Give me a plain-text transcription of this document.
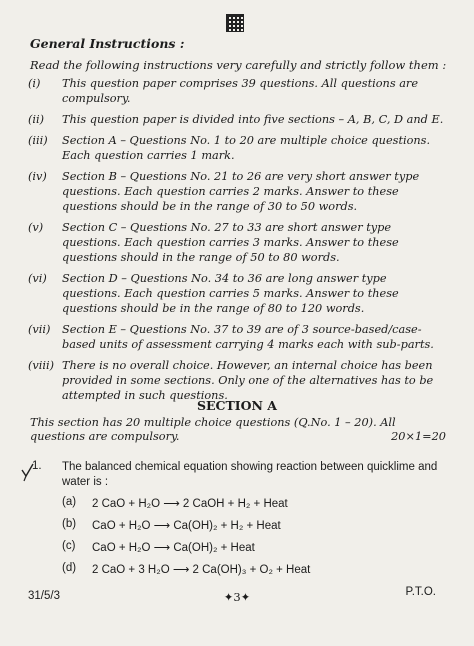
General Instructions :
Read the following instructions very carefully and strictly follow them :
(i)	This question paper comprises 39 questions. All questions are compulsory.
(ii)	This question paper is divided into five sections – A, B, C, D and E.
(iii)	Section A – Questions No. 1 to 20 are multiple choice questions. Each question carries 1 mark.
(iv)	Section B – Questions No. 21 to 26 are very short answer type questions. Each question carries 2 marks. Answer to these questions should be in the range of 30 to 50 words.
(v)	Section C – Questions No. 27 to 33 are short answer type questions. Each question carries 3 marks. Answer to these questions should in the range of 50 to 80 words.
(vi)	Section D – Questions No. 34 to 36 are long answer type questions. Each question carries 5 marks. Answer to these questions should be in the range of 80 to 120 words.
(vii)	Section E – Questions No. 37 to 39 are of 3 source-based/case-based units of assessment carrying 4 marks each with sub-parts.
(viii) There is no overall choice. However, an internal choice has been provided in some sections. Only one of the alternatives has to be attempted in such questions.
SECTION A
This section has 20 multiple choice questions (Q.No. 1 – 20). All questions are compulsory.	20×1=20
1. The balanced chemical equation showing reaction between quicklime and water is :
(a)	2 CaO + H₂O ⟶ 2 CaOH + H₂ + Heat
(b)	CaO + H₂O ⟶ Ca(OH)₂ + H₂ + Heat
(c)	CaO + H₂O ⟶ Ca(OH)₂ + Heat
(d)	2 CaO + 3 H₂O ⟶ 2 Ca(OH)₃ + O₂ + Heat
31/5/3	✦3✦	P.T.O.
